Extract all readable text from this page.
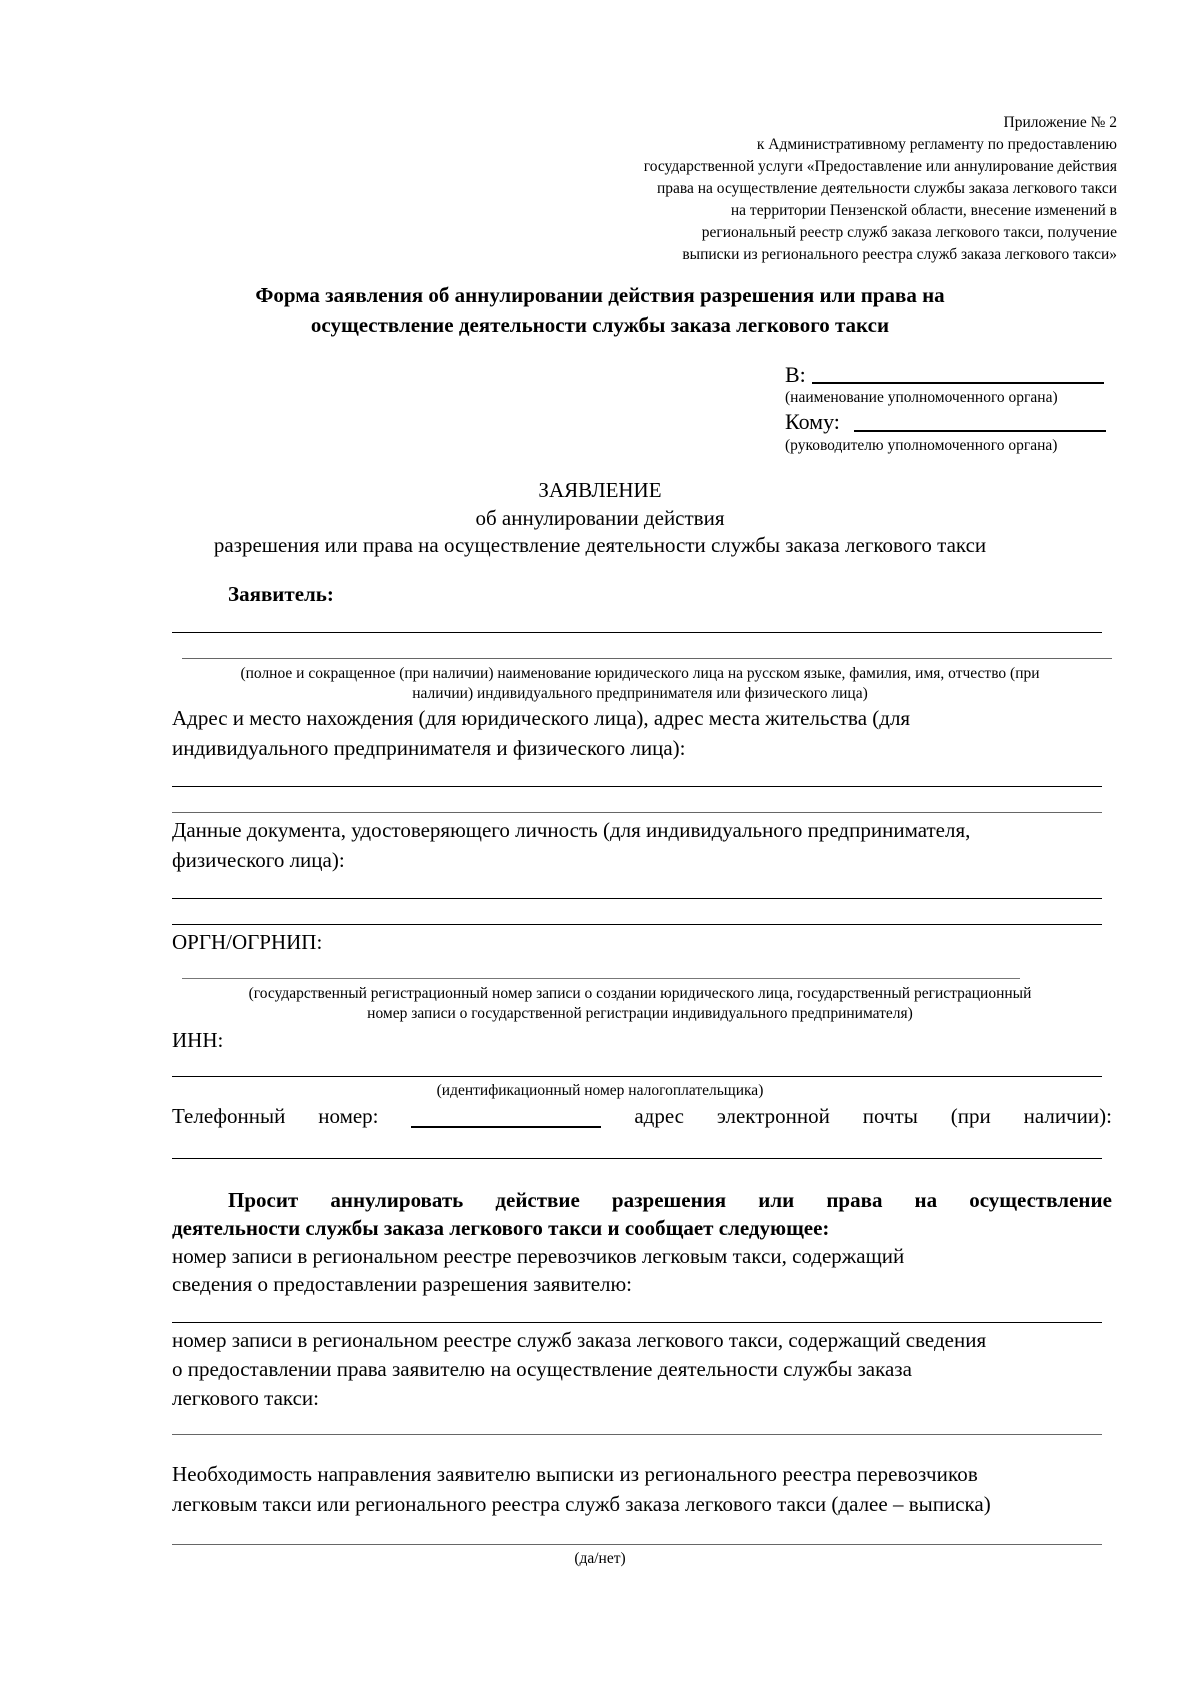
Приложение № 2
к Административному регламенту по предоставлению
государственной услуги «Предоставление или аннулирование действия
права на осуществление деятельности службы заказа легкового такси
на территории Пензенской области, внесение изменений в
региональный реестр служб заказа легкового такси, получение
выписки из регионального реестра служб заказа легкового такси»
Форма заявления об аннулировании действия разрешения или права на
осуществление деятельности службы заказа легкового такси
В:
(наименование уполномоченного органа)
Кому:
(руководителю уполномоченного органа)
ЗАЯВЛЕНИЕ
об аннулировании действия
разрешения или права на осуществление деятельности службы заказа легкового такси
Заявитель:
(полное и сокращенное (при наличии) наименование юридического лица на русском языке, фамилия, имя, отчество (при
наличии) индивидуального предпринимателя или физического лица)
Адрес и место нахождения (для юридического лица), адрес места жительства (для
индивидуального предпринимателя и физического лица):
Данные документа, удостоверяющего личность (для индивидуального предпринимателя,
физического лица):
ОРГН/ОГРНИП:
(государственный регистрационный номер записи о создании юридического лица, государственный регистрационный
номер записи о государственной регистрации индивидуального предпринимателя)
ИНН:
(идентификационный номер налогоплательщика)
Телефонный номер:	адрес электронной почты (при наличии):
Просит аннулировать действие разрешения или права на осуществление
деятельности службы заказа легкового такси и сообщает следующее:
номер записи в региональном реестре перевозчиков легковым такси, содержащий
сведения о предоставлении разрешения заявителю:
номер записи в региональном реестре служб заказа легкового такси, содержащий сведения
о предоставлении права заявителю на осуществление деятельности службы заказа
легкового такси:
Необходимость направления заявителю выписки из регионального реестра перевозчиков
легковым такси или регионального реестра служб заказа легкового такси (далее – выписка)
(да/нет)
